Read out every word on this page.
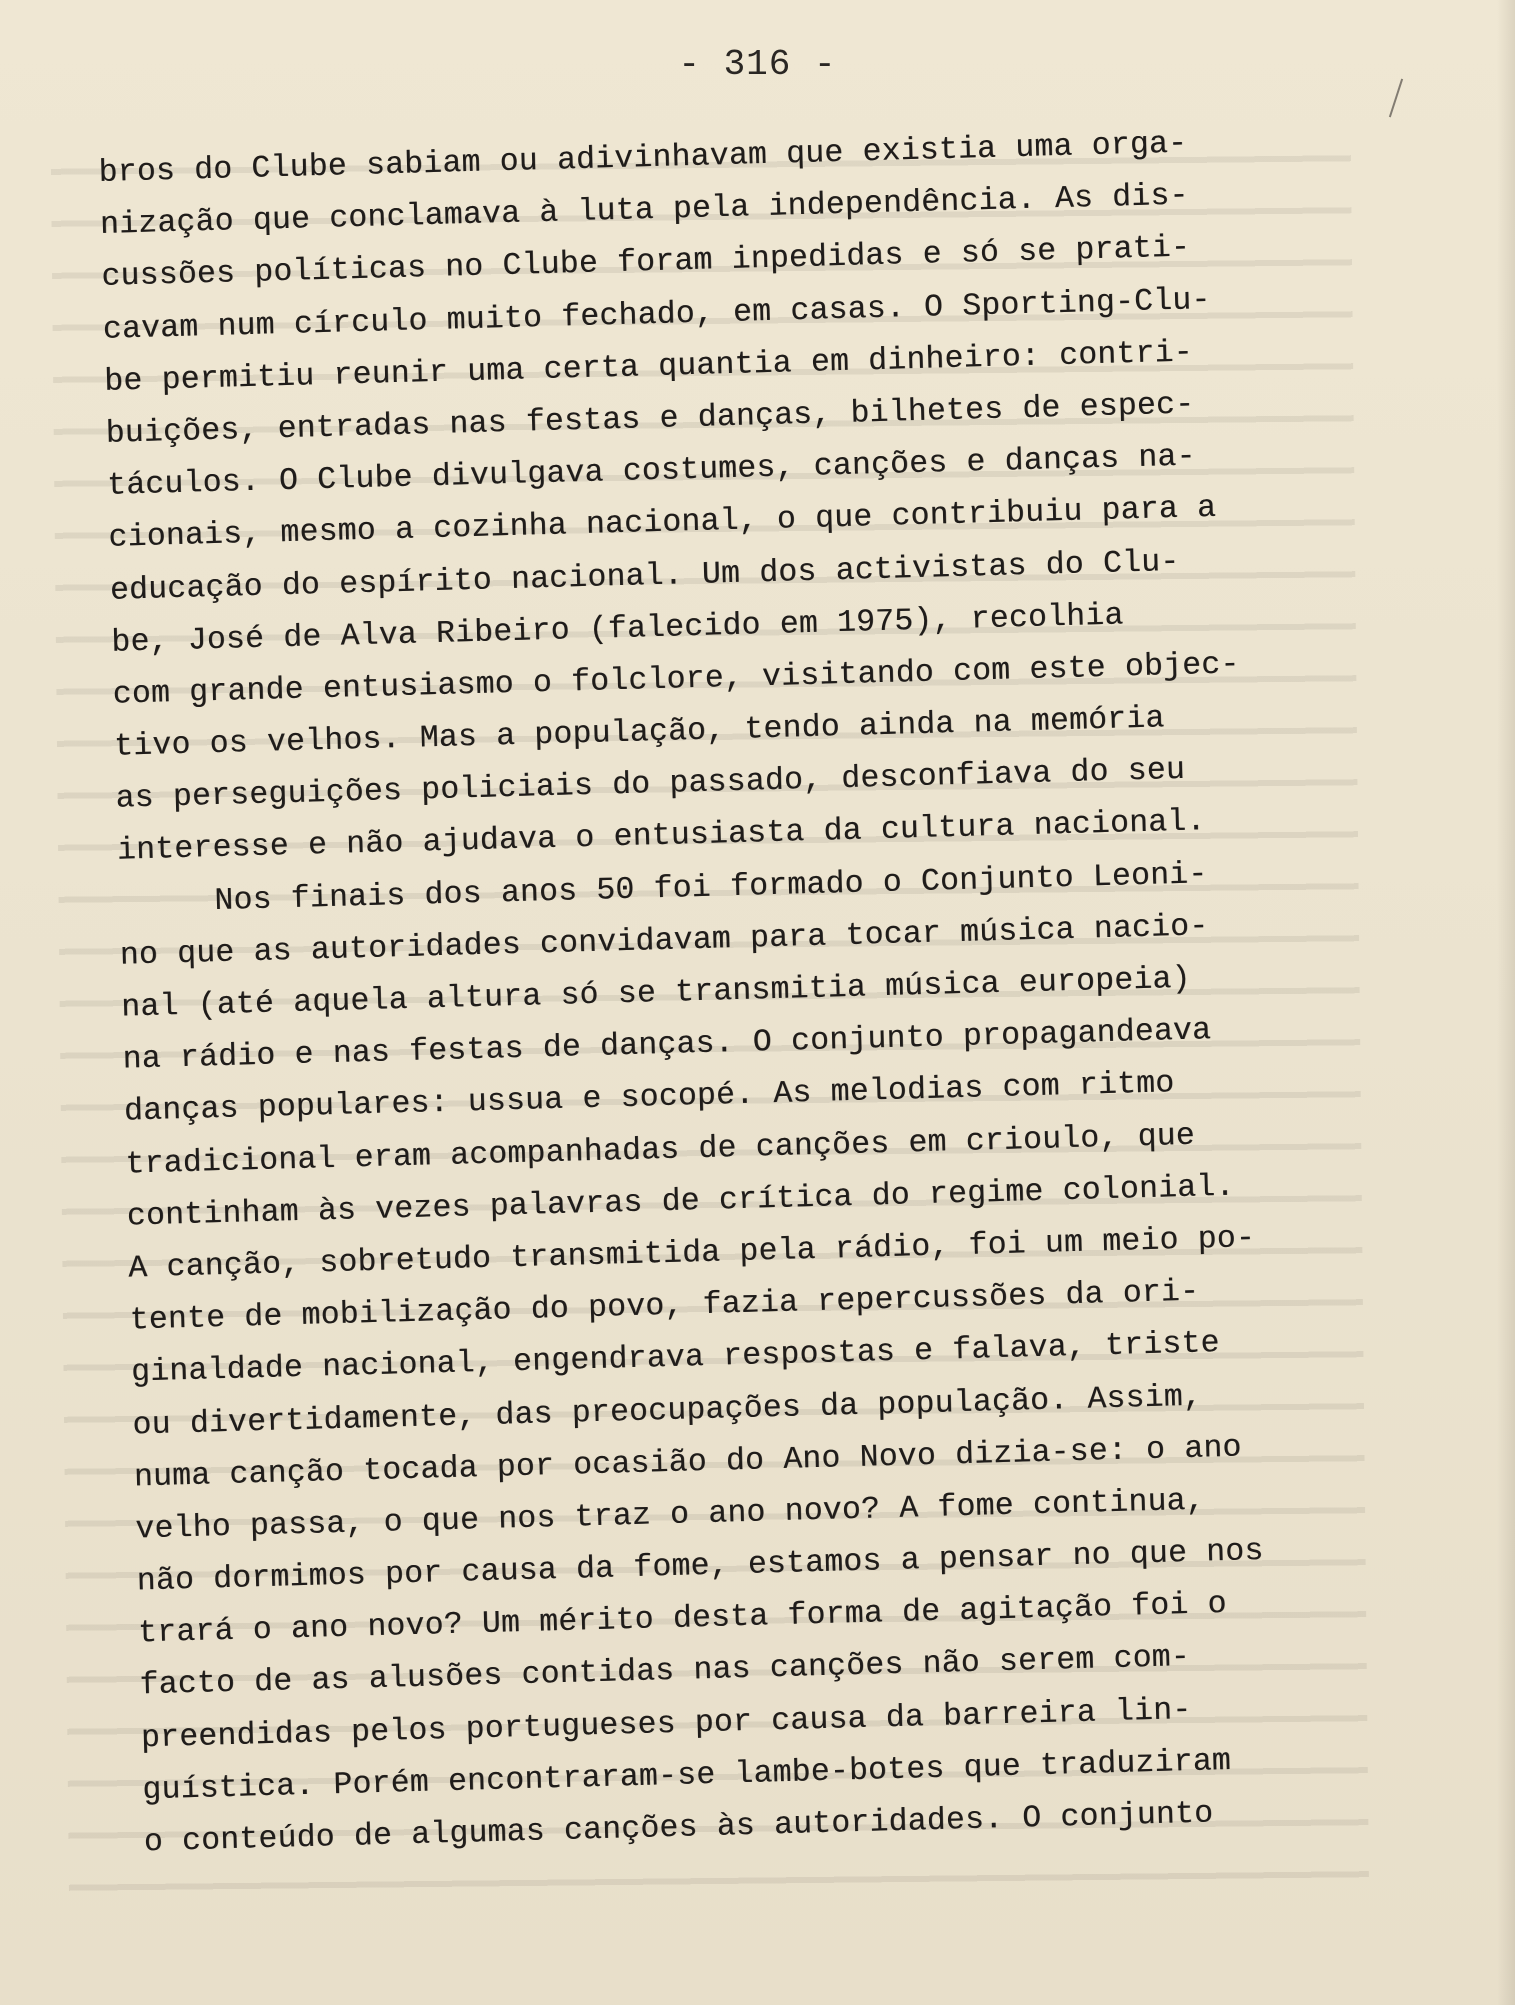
- 316 -
bros do Clube sabiam ou adivinhavam que existia uma orga-
nização que conclamava à luta pela independência. As dis-
cussões políticas no Clube foram inpedidas e só se prati-
cavam num círculo muito fechado, em casas. O Sporting-Clu-
be permitiu reunir uma certa quantia em dinheiro: contri-
buições, entradas nas festas e danças, bilhetes de espec-
táculos. O Clube divulgava costumes, canções e danças na-
cionais, mesmo a cozinha nacional, o que contribuiu para a
educação do espírito nacional. Um dos activistas do Clu-
be, José de Alva Ribeiro (falecido em 1975), recolhia
com grande entusiasmo o folclore, visitando com este objec-
tivo os velhos. Mas a população, tendo ainda na memória
as perseguições policiais do passado, desconfiava do seu
interesse e não ajudava o entusiasta da cultura nacional.
Nos finais dos anos 50 foi formado o Conjunto Leoni-
no que as autoridades convidavam para tocar música nacio-
nal (até aquela altura só se transmitia música europeia)
na rádio e nas festas de danças. O conjunto propagandeava
danças populares: ussua e socopé. As melodias com ritmo
tradicional eram acompanhadas de canções em crioulo, que
continham às vezes palavras de crítica do regime colonial.
A canção, sobretudo transmitida pela rádio, foi um meio po-
tente de mobilização do povo, fazia repercussões da ori-
ginaldade nacional, engendrava respostas e falava, triste
ou divertidamente, das preocupações da população. Assim,
numa canção tocada por ocasião do Ano Novo dizia-se: o ano
velho passa, o que nos traz o ano novo? A fome continua,
não dormimos por causa da fome, estamos a pensar no que nos
trará o ano novo? Um mérito desta forma de agitação foi o
facto de as alusões contidas nas canções não serem com-
preendidas pelos portugueses por causa da barreira lin-
guística. Porém encontraram-se lambe-botes que traduziram
o conteúdo de algumas canções às autoridades. O conjunto
